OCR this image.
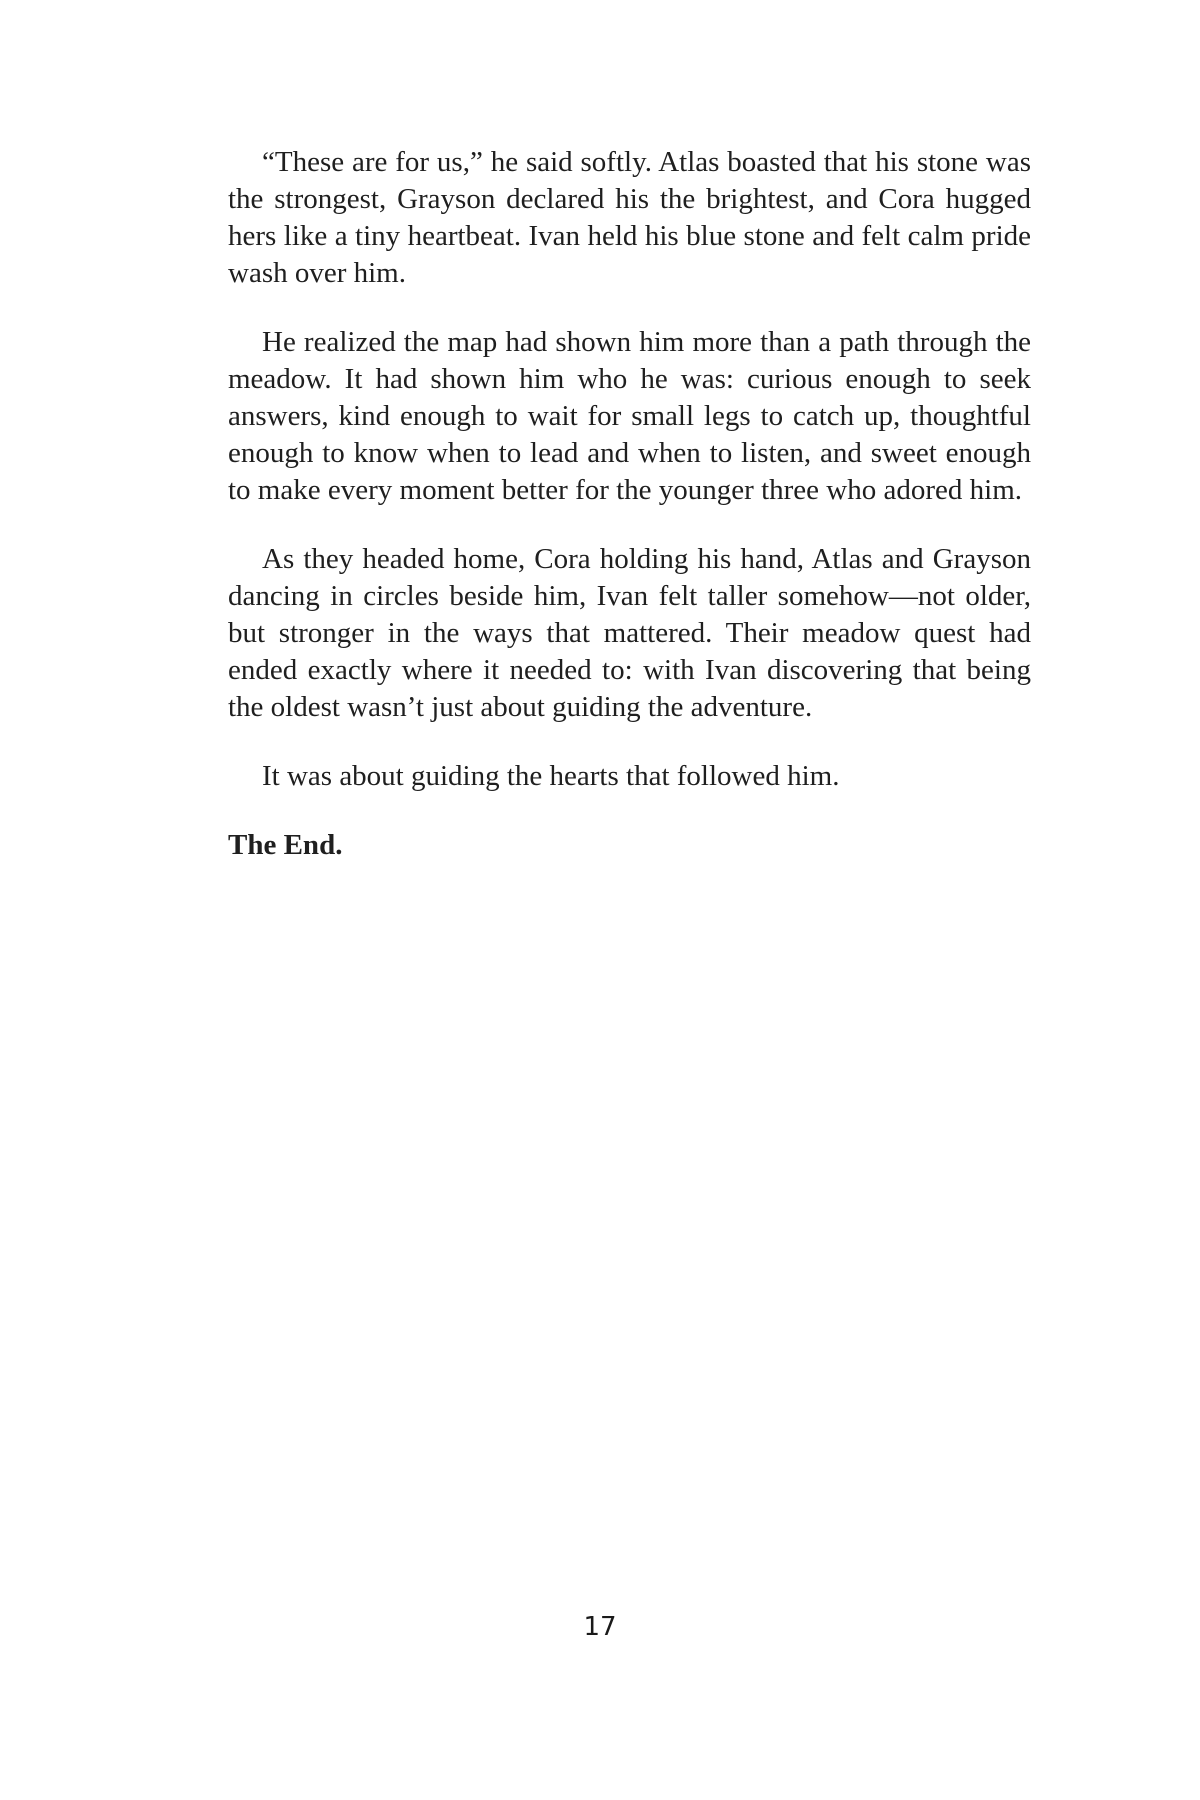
“These are for us,” he said softly. Atlas boasted that his stone was the strongest, Grayson declared his the brightest, and Cora hugged hers like a tiny heartbeat. Ivan held his blue stone and felt calm pride wash over him.

He realized the map had shown him more than a path through the meadow. It had shown him who he was: curious enough to seek answers, kind enough to wait for small legs to catch up, thoughtful enough to know when to lead and when to listen, and sweet enough to make every moment better for the younger three who adored him.

As they headed home, Cora holding his hand, Atlas and Grayson dancing in circles beside him, Ivan felt taller somehow—not older, but stronger in the ways that mattered. Their meadow quest had ended exactly where it needed to: with Ivan discovering that being the oldest wasn’t just about guiding the adventure.

It was about guiding the hearts that followed him.

The End.

17
